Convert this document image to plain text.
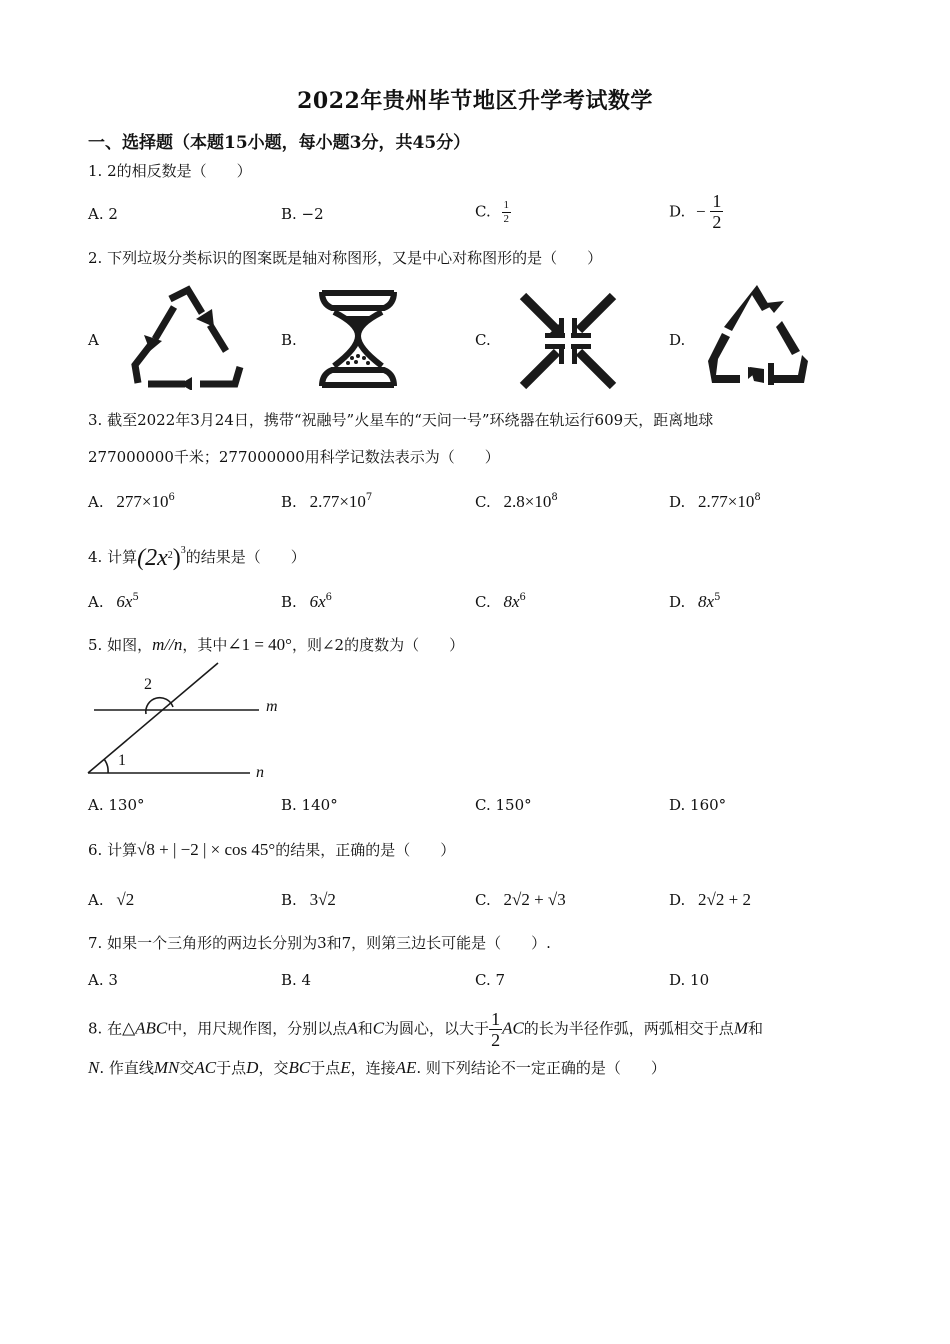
2022年贵州毕节地区升学考试数学
一、选择题（本题15小题，每小题3分，共45分）
1. 2的相反数是（　　）
A. 2	B. −2	C. $\frac{1}{2}$	D. − $\frac{1}{2}$
2. 下列垃圾分类标识的图案既是轴对称图形，又是中心对称图形的是（　　）
A	B.	C.	D.
3. 截至2022年3月24日，携带“祝融号”火星车的“天问一号”环绕器在轨运行609天，距离地球
277000000千米；277000000用科学记数法表示为（　　）
A. $277\times 10^6$	B. $2.77\times 10^7$	C. $2.8\times 10^8$	D. $2.77\times 10^8$
4. 计算$(2x^2)^3$的结果是（　　）
A. $6x^5$	B. $6x^6$	C. $8x^6$	D. $8x^5$
5. 如图，m//n，其中∠1 = 40°，则∠2的度数为（　　）
2
1
m
n
A. 130°	B. 140°	C. 150°	D. 160°
6. 计算√8 + | −2 | × cos 45°的结果，正确的是（　　）
A. √2	B. 3√2	C. 2√2 + √3	D. 2√2 + 2
7. 如果一个三角形的两边长分别为3和7，则第三边长可能是（　　）.
A. 3	B. 4	C. 7	D. 10
8. 在△ABC中，用尺规作图，分别以点A和C为圆心，以大于 $\frac{1}{2}$ AC的长为半径作弧，两弧相交于点M和
N. 作直线MN交AC于点D，交BC于点E，连接AE. 则下列结论不一定正确的是（　　）
